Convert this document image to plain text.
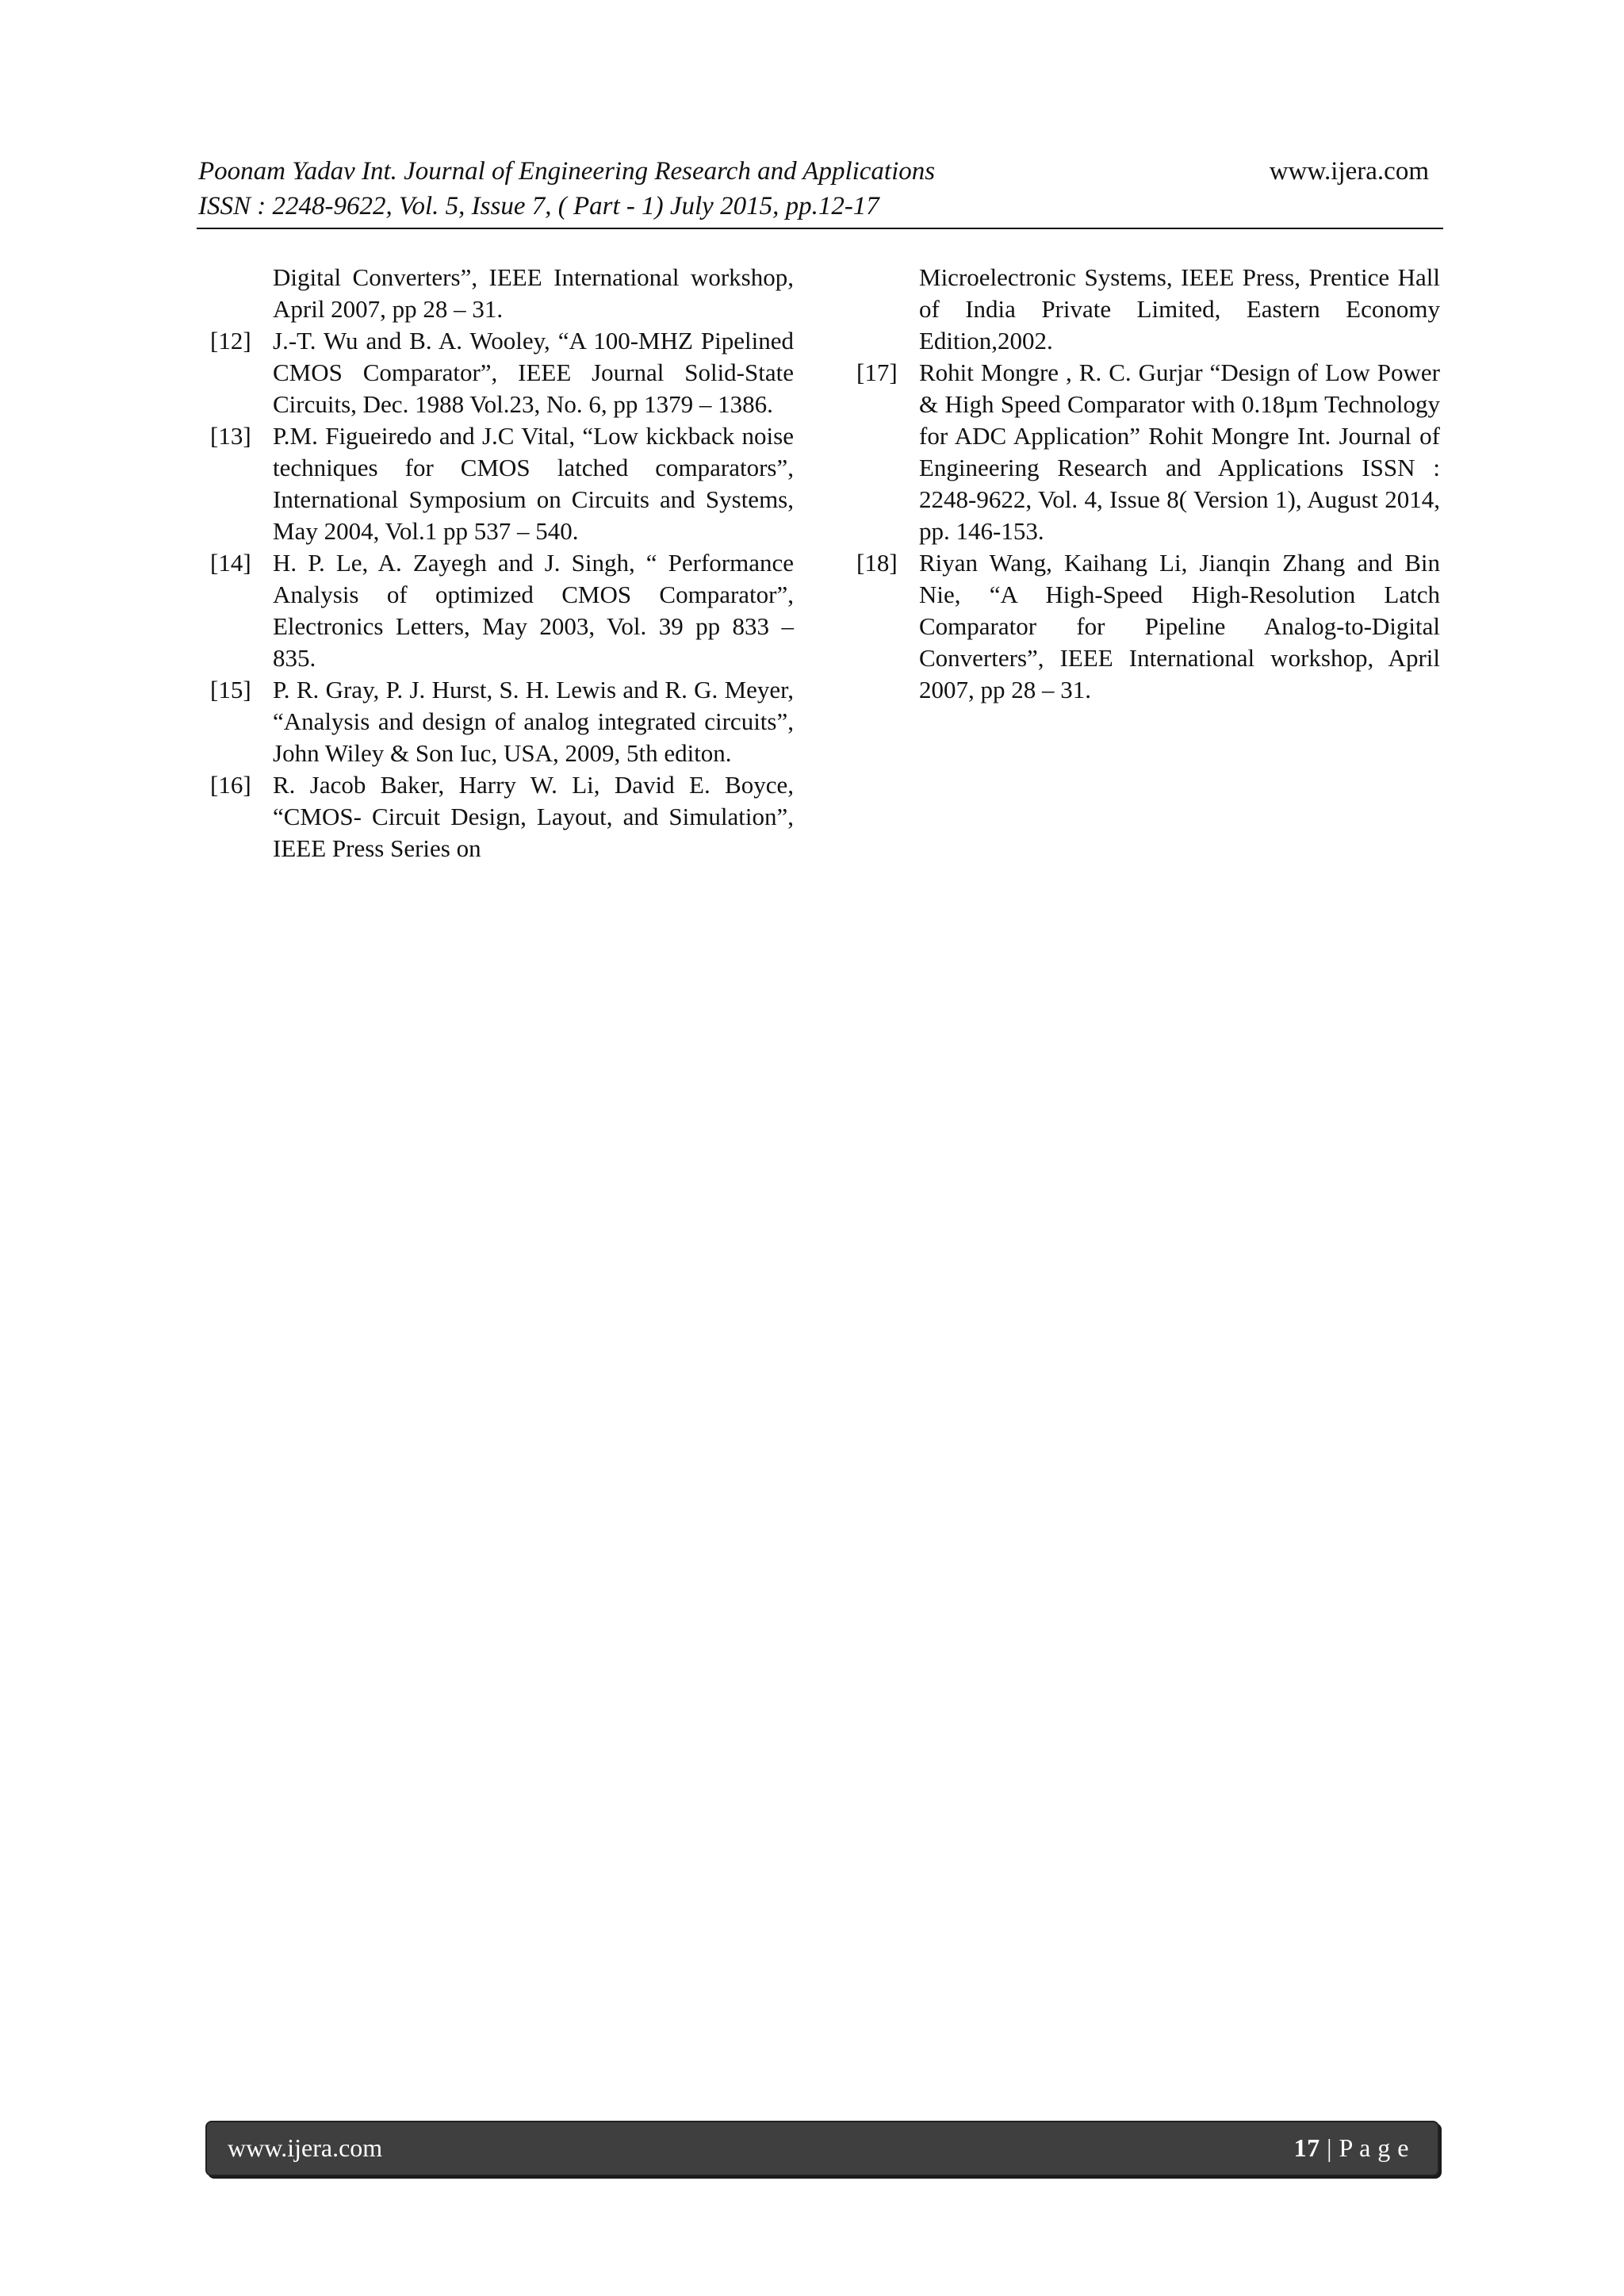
Poonam Yadav Int. Journal of Engineering Research and Applications
ISSN : 2248-9622, Vol. 5, Issue 7, ( Part - 1) July 2015, pp.12-17
www.ijera.com
Digital Converters”, IEEE International workshop, April 2007, pp 28 – 31.
[12] J.-T. Wu and B. A. Wooley, “A 100-MHZ Pipelined CMOS Comparator”, IEEE Journal Solid-State Circuits, Dec. 1988 Vol.23, No. 6, pp 1379 – 1386.
[13] P.M. Figueiredo and J.C Vital, “Low kickback noise techniques for CMOS latched comparators”, International Symposium on Circuits and Systems, May 2004, Vol.1 pp 537 – 540.
[14] H. P. Le, A. Zayegh and J. Singh, “ Performance Analysis of optimized CMOS Comparator”, Electronics Letters, May 2003, Vol. 39 pp 833 – 835.
[15] P. R. Gray, P. J. Hurst, S. H. Lewis and R. G. Meyer, “Analysis and design of analog integrated circuits”, John Wiley & Son Iuc, USA, 2009, 5th editon.
[16] R. Jacob Baker, Harry W. Li, David E. Boyce, “CMOS- Circuit Design, Layout, and Simulation”, IEEE Press Series on
Microelectronic Systems, IEEE Press, Prentice Hall of India Private Limited, Eastern Economy Edition,2002.
[17] Rohit Mongre , R. C. Gurjar “Design of Low Power & High Speed Comparator with 0.18µm Technology for ADC Application” Rohit Mongre Int. Journal of Engineering Research and Applications ISSN : 2248-9622, Vol. 4, Issue 8( Version 1), August 2014, pp. 146-153.
[18] Riyan Wang, Kaihang Li, Jianqin Zhang and Bin Nie, “A High-Speed High-Resolution Latch Comparator for Pipeline Analog-to-Digital Converters”, IEEE International workshop, April 2007, pp 28 – 31.
www.ijera.com	17 | P a g e
